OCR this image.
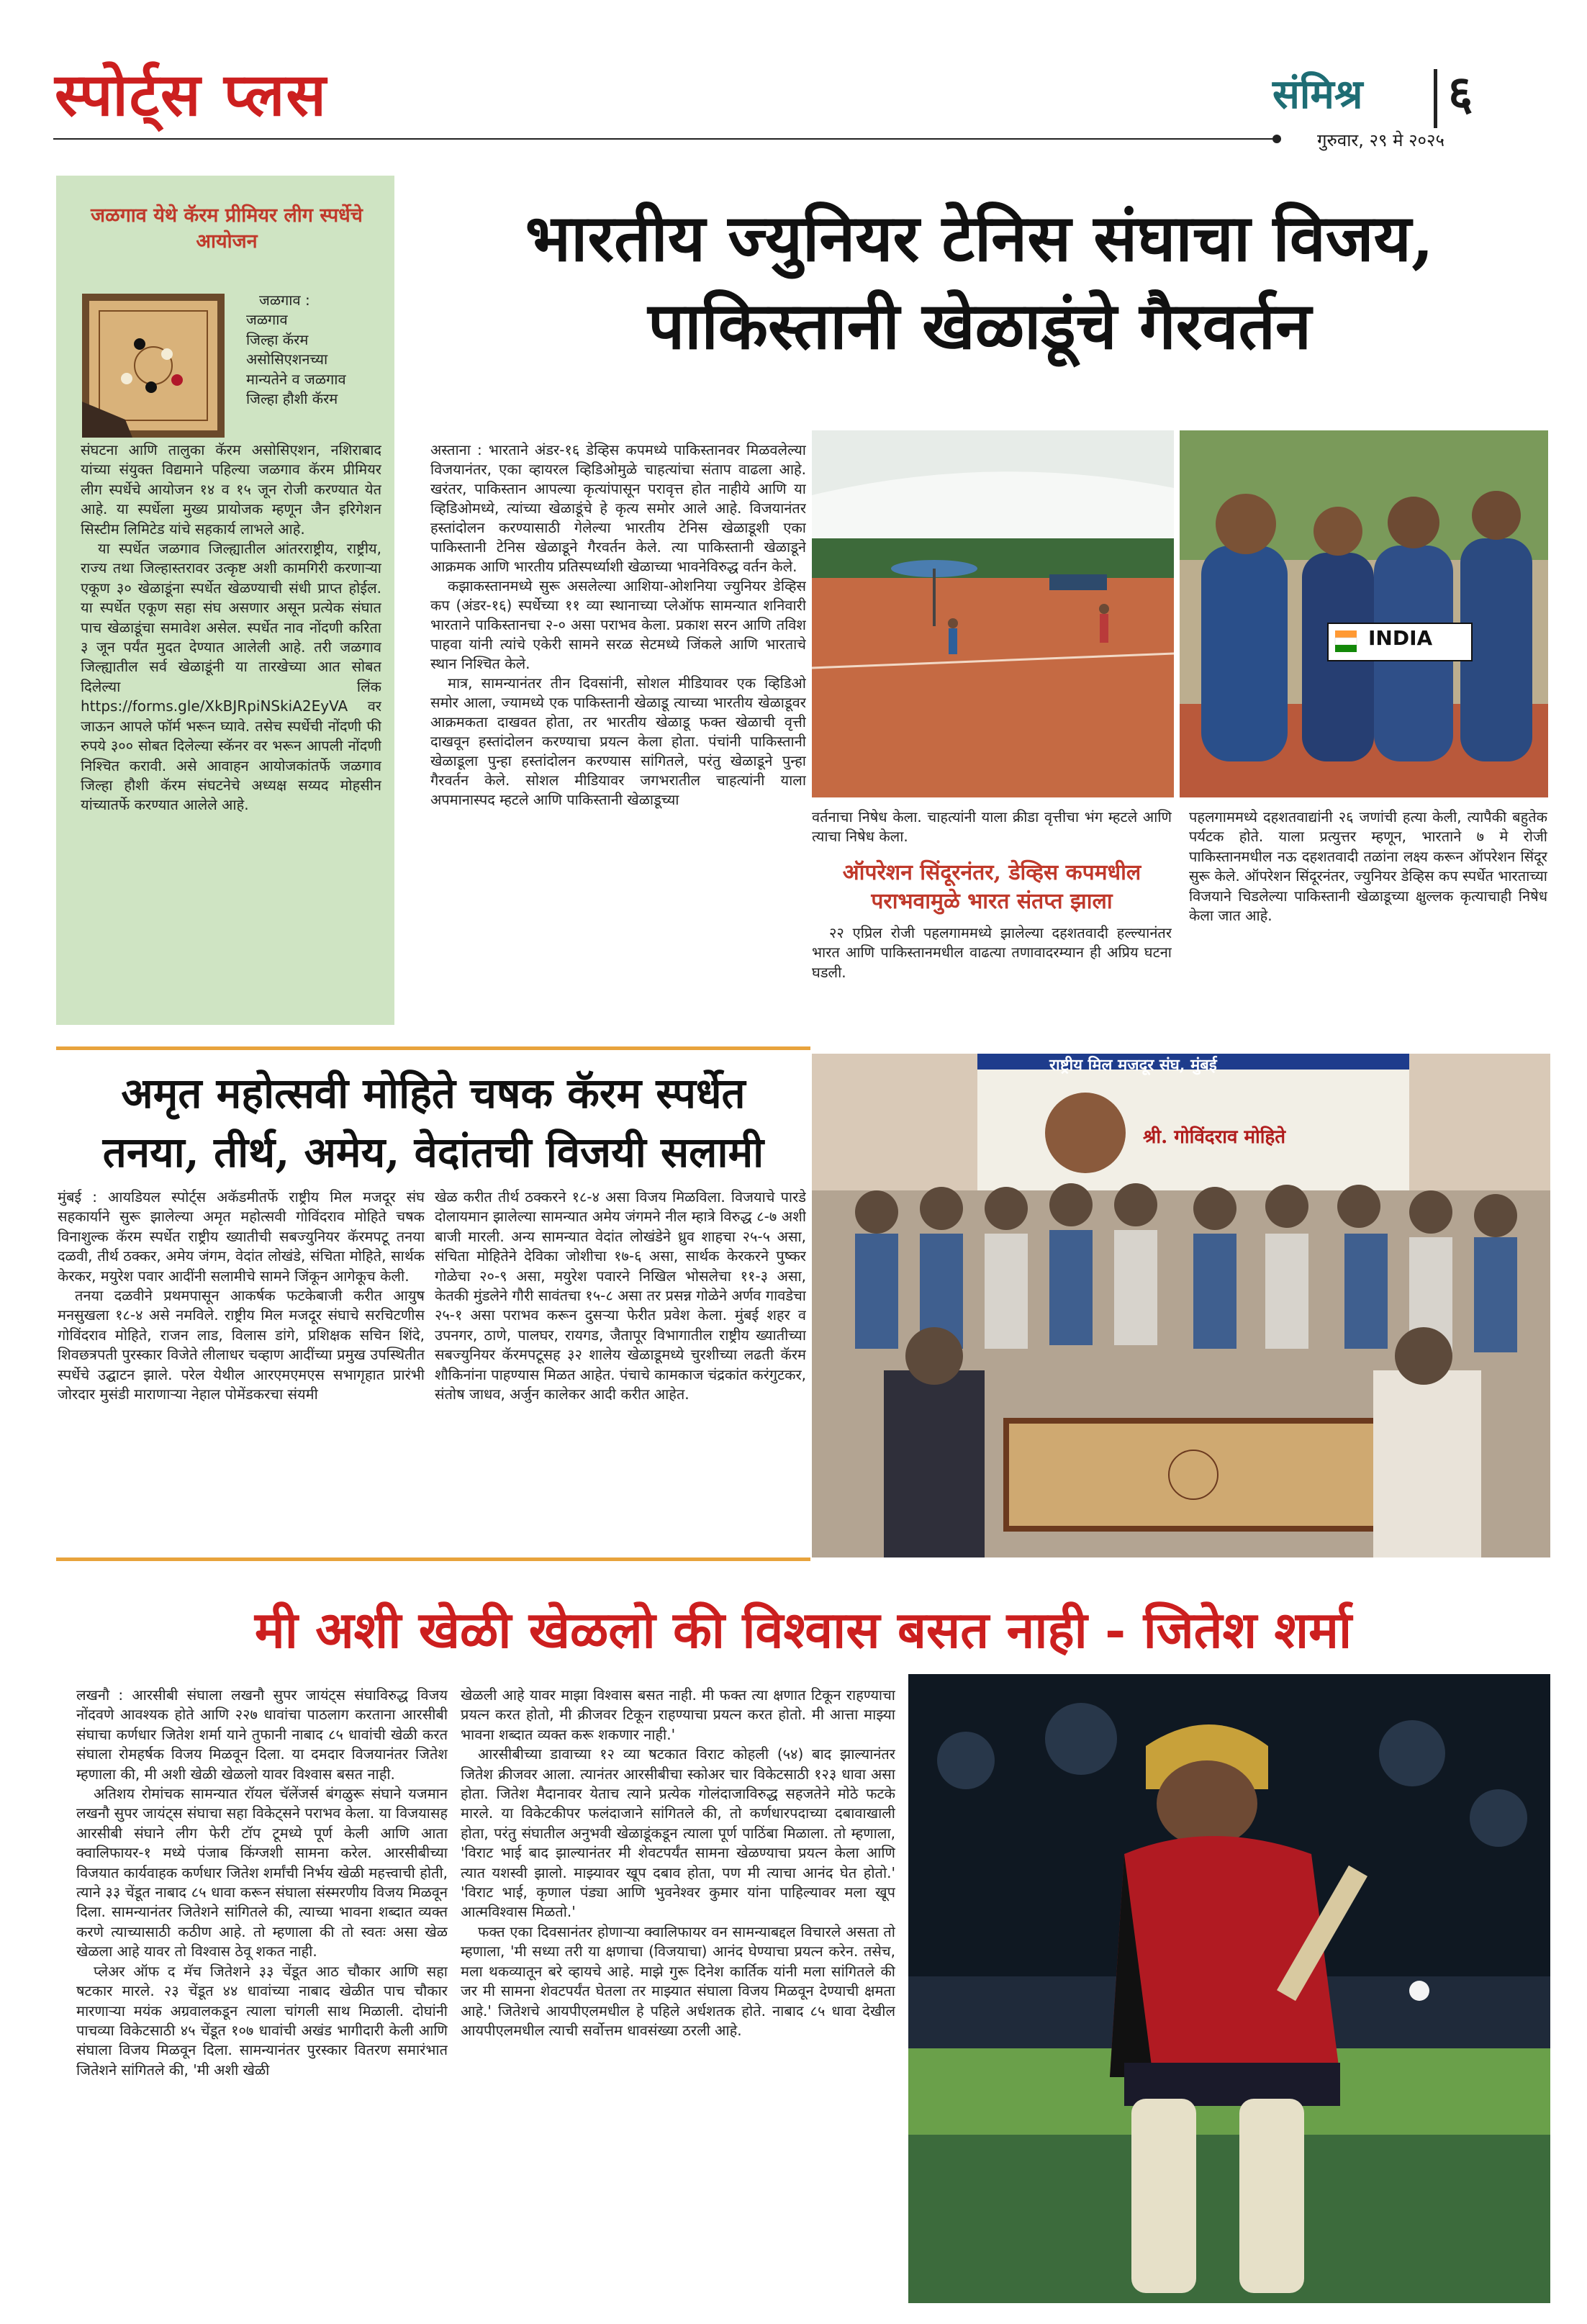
स्पोर्ट्स प्लस	संमिश्र ६
गुरुवार, २९ मे २०२५
जळगाव येथे कॅरम प्रीमियर लीग स्पर्धेचे आयोजन
जळगाव :
जळगाव
जिल्हा कॅरम
असोसिएशनच्या
मान्यतेने व जळगाव
जिल्हा हौशी कॅरम

संघटना आणि तालुका कॅरम असोसिएशन, नशिराबाद यांच्या संयुक्त विद्यमाने पहिल्या जळगाव कॅरम प्रीमियर लीग स्पर्धेचे आयोजन १४ व १५ जून रोजी करण्यात येत आहे. या स्पर्धेला मुख्य प्रायोजक म्हणून जैन इरिगेशन सिस्टीम लिमिटेड यांचे सहकार्य लाभले आहे.

या स्पर्धेत जळगाव जिल्ह्यातील आंतरराष्ट्रीय, राष्ट्रीय, राज्य तथा जिल्हास्तरावर उत्कृष्ट अशी कामगिरी करणाऱ्या एकूण ३० खेळाडूंना स्पर्धेत खेळण्याची संधी प्राप्त होईल. या स्पर्धेत एकूण सहा संघ असणार असून प्रत्येक संघात पाच खेळाडूंचा समावेश असेल. स्पर्धेत नाव नोंदणी करिता ३ जून पर्यंत मुदत देण्यात आलेली आहे. तरी जळगाव जिल्ह्यातील सर्व खेळाडूंनी या तारखेच्या आत सोबत दिलेल्या लिंक https://forms.gle/XkBJRpiNSkiA2EyVA वर जाऊन आपले फॉर्म भरून घ्यावे. तसेच स्पर्धेची नोंदणी फी रुपये ३०० सोबत दिलेल्या स्कॅनर वर भरून आपली नोंदणी निश्चित करावी. असे आवाहन आयोजकांतर्फे जळगाव जिल्हा हौशी कॅरम संघटनेचे अध्यक्ष सय्यद मोहसीन यांच्यातर्फे करण्यात आलेले आहे.

भारतीय ज्युनियर टेनिस संघाचा विजय,
पाकिस्तानी खेळाडूंचे गैरवर्तन

अस्ताना : भारताने अंडर-१६ डेव्हिस कपमध्ये पाकिस्तानवर मिळवलेल्या विजयानंतर, एका व्हायरल व्हिडिओमुळे चाहत्यांचा संताप वाढला आहे. खरंतर, पाकिस्तान आपल्या कृत्यांपासून परावृत्त होत नाहीये आणि या व्हिडिओमध्ये, त्यांच्या खेळाडूंचे हे कृत्य समोर आले आहे. विजयानंतर हस्तांदोलन करण्यासाठी गेलेल्या भारतीय टेनिस खेळाडूशी एका पाकिस्तानी टेनिस खेळाडूने गैरवर्तन केले. त्या पाकिस्तानी खेळाडूने आक्रमक आणि भारतीय प्रतिस्पर्ध्याशी खेळाच्या भावनेविरुद्ध वर्तन केले.

कझाकस्तानमध्ये सुरू असलेल्या आशिया-ओशनिया ज्युनियर डेव्हिस कप (अंडर-१६) स्पर्धेच्या ११ व्या स्थानाच्या प्लेऑफ सामन्यात शनिवारी भारताने पाकिस्तानचा २-० असा पराभव केला. प्रकाश सरन आणि तविश पाहवा यांनी त्यांचे एकेरी सामने सरळ सेटमध्ये जिंकले आणि भारताचे स्थान निश्चित केले.

मात्र, सामन्यानंतर तीन दिवसांनी, सोशल मीडियावर एक व्हिडिओ समोर आला, ज्यामध्ये एक पाकिस्तानी खेळाडू त्याच्या भारतीय खेळाडूवर आक्रमकता दाखवत होता, तर भारतीय खेळाडू फक्त खेळाची वृत्ती दाखवून हस्तांदोलन करण्याचा प्रयत्न केला होता. पंचांनी पाकिस्तानी खेळाडूला पुन्हा हस्तांदोलन करण्यास सांगितले, परंतु खेळाडूने पुन्हा गैरवर्तन केले. सोशल मीडियावर जगभरातील चाहत्यांनी याला अपमानास्पद म्हटले आणि पाकिस्तानी खेळाडूच्या

INDIA

वर्तनाचा निषेध केला. चाहत्यांनी याला क्रीडा वृत्तीचा भंग म्हटले आणि त्याचा निषेध केला.

ऑपरेशन सिंदूरनंतर, डेव्हिस कपमधील पराभवामुळे भारत संतप्त झाला

२२ एप्रिल रोजी पहलगाममध्ये झालेल्या दहशतवादी हल्ल्यानंतर भारत आणि पाकिस्तानमधील वाढत्या तणावादरम्यान ही अप्रिय घटना घडली.

पहलगाममध्ये दहशतवाद्यांनी २६ जणांची हत्या केली, त्यापैकी बहुतेक पर्यटक होते. याला प्रत्युत्तर म्हणून, भारताने ७ मे रोजी पाकिस्तानमधील नऊ दहशतवादी तळांना लक्ष्य करून ऑपरेशन सिंदूर सुरू केले. ऑपरेशन सिंदूरनंतर, ज्युनियर डेव्हिस कप स्पर्धेत भारताच्या विजयाने चिडलेल्या पाकिस्तानी खेळाडूच्या क्षुल्लक कृत्याचाही निषेध केला जात आहे.

अमृत महोत्सवी मोहिते चषक कॅरम स्पर्धेत
तनया, तीर्थ, अमेय, वेदांतची विजयी सलामी

मुंबई : आयडियल स्पोर्ट्स अकॅडमीतर्फे राष्ट्रीय मिल मजदूर संघ सहकार्याने सुरू झालेल्या अमृत महोत्सवी गोविंदराव मोहिते चषक विनाशुल्क कॅरम स्पर्धेत राष्ट्रीय ख्यातीची सबज्युनियर कॅरमपटू तनया दळवी, तीर्थ ठक्कर, अमेय जंगम, वेदांत लोखंडे, संचिता मोहिते, सार्थक केरकर, मयुरेश पवार आदींनी सलामीचे सामने जिंकून आगेकूच केली.

तनया दळवीने प्रथमपासून आकर्षक फटकेबाजी करीत आयुष मनसुखला १८-४ असे नमविले. राष्ट्रीय मिल मजदूर संघाचे सरचिटणीस गोविंदराव मोहिते, राजन लाड, विलास डांगे, प्रशिक्षक सचिन शिंदे, शिवछत्रपती पुरस्कार विजेते लीलाधर चव्हाण आदींच्या प्रमुख उपस्थितीत स्पर्धेचे उद्घाटन झाले. परेल येथील आरएमएमएस सभागृहात प्रारंभी जोरदार मुसंडी माराणाऱ्या नेहाल पोमेंडकरचा संयमी

खेळ करीत तीर्थ ठक्करने १८-४ असा विजय मिळविला. विजयाचे पारडे दोलायमान झालेल्या सामन्यात अमेय जंगमने नील म्हात्रे विरुद्ध ८-७ अशी बाजी मारली. अन्य सामन्यात वेदांत लोखंडेने ध्रुव शाहचा २५-५ असा, संचिता मोहितेने देविका जोशीचा १७-६ असा, सार्थक केरकरने पुष्कर गोळेचा २०-९ असा, मयुरेश पवारने निखिल भोसलेचा ११-३ असा, केतकी मुंडलेने गौरी सावंतचा १५-८ असा तर प्रसन्न गोळेने अर्णव गावडेचा २५-१ असा पराभव करून दुसऱ्या फेरीत प्रवेश केला. मुंबई शहर व उपनगर, ठाणे, पालघर, रायगड, जैतापूर विभागातील राष्ट्रीय ख्यातीच्या सबज्युनियर कॅरमपटूसह ३२ शालेय खेळाडूमध्ये चुरशीच्या लढती कॅरम शौकिनांना पाहण्यास मिळत आहेत. पंचाचे कामकाज चंद्रकांत करंगुटकर, संतोष जाधव, अर्जुन कालेकर आदी करीत आहेत.

राष्ट्रीय मिल मजदूर संघ, मुंबई
श्री. गोविंदराव मोहिते
मी अशी खेळी खेळलो की विश्वास बसत नाही - जितेश शर्मा

लखनौ : आरसीबी संघाला लखनौ सुपर जायंट्स संघाविरुद्ध विजय नोंदवणे आवश्यक होते आणि २२७ धावांचा पाठलाग करताना आरसीबी संघाचा कर्णधार जितेश शर्मा याने तुफानी नाबाद ८५ धावांची खेळी करत संघाला रोमहर्षक विजय मिळवून दिला. या दमदार विजयानंतर जितेश म्हणाला की, मी अशी खेळी खेळलो यावर विश्वास बसत नाही.

अतिशय रोमांचक सामन्यात रॉयल चॅलेंजर्स बंगळुरू संघाने यजमान लखनौ सुपर जायंट्स संघाचा सहा विकेट्सने पराभव केला. या विजयासह आरसीबी संघाने लीग फेरी टॉप टूमध्ये पूर्ण केली आणि आता क्वालिफायर-१ मध्ये पंजाब किंग्जशी सामना करेल. आरसीबीच्या विजयात कार्यवाहक कर्णधार जितेश शर्मांची निर्भय खेळी महत्त्वाची होती, त्याने ३३ चेंडूत नाबाद ८५ धावा करून संघाला संस्मरणीय विजय मिळवून दिला. सामन्यानंतर जितेशने सांगितले की, त्याच्या भावना शब्दात व्यक्त करणे त्याच्यासाठी कठीण आहे. तो म्हणाला की तो स्वतः असा खेळ खेळला आहे यावर तो विश्वास ठेवू शकत नाही.

प्लेअर ऑफ द मॅच जितेशने ३३ चेंडूत आठ चौकार आणि सहा षटकार मारले. २३ चेंडूत ४४ धावांच्या नाबाद खेळीत पाच चौकार मारणाऱ्या मयंक अग्रवालकडून त्याला चांगली साथ मिळाली. दोघांनी पाचव्या विकेटसाठी ४५ चेंडूत १०७ धावांची अखंड भागीदारी केली आणि संघाला विजय मिळवून दिला. सामन्यानंतर पुरस्कार वितरण समारंभात जितेशने सांगितले की, 'मी अशी खेळी

खेळली आहे यावर माझा विश्वास बसत नाही. मी फक्त त्या क्षणात टिकून राहण्याचा प्रयत्न करत होतो, मी क्रीजवर टिकून राहण्याचा प्रयत्न करत होतो. मी आत्ता माझ्या भावना शब्दात व्यक्त करू शकणार नाही.'

आरसीबीच्या डावाच्या १२ व्या षटकात विराट कोहली (५४) बाद झाल्यानंतर जितेश क्रीजवर आला. त्यानंतर आरसीबीचा स्कोअर चार विकेटसाठी १२३ धावा असा होता. जितेश मैदानावर येताच त्याने प्रत्येक गोलंदाजाविरुद्ध सहजतेने मोठे फटके मारले. या विकेटकीपर फलंदाजाने सांगितले की, तो कर्णधारपदाच्या दबावाखाली होता, परंतु संघातील अनुभवी खेळाडूंकडून त्याला पूर्ण पाठिंबा मिळाला. तो म्हणाला, 'विराट भाई बाद झाल्यानंतर मी शेवटपर्यंत सामना खेळण्याचा प्रयत्न केला आणि त्यात यशस्वी झालो. माझ्यावर खूप दबाव होता, पण मी त्याचा आनंद घेत होतो.' 'विराट भाई, कृणाल पंड्या आणि भुवनेश्वर कुमार यांना पाहिल्यावर मला खूप आत्मविश्वास मिळतो.'

फक्त एका दिवसानंतर होणाऱ्या क्वालिफायर वन सामन्याबद्दल विचारले असता तो म्हणाला, 'मी सध्या तरी या क्षणाचा (विजयाचा) आनंद घेण्याचा प्रयत्न करेन. तसेच, मला थकव्यातून बरे व्हायचे आहे. माझे गुरू दिनेश कार्तिक यांनी मला सांगितले की जर मी सामना शेवटपर्यंत घेतला तर माझ्यात संघाला विजय मिळवून देण्याची क्षमता आहे.' जितेशचे आयपीएलमधील हे पहिले अर्धशतक होते. नाबाद ८५ धावा देखील आयपीएलमधील त्याची सर्वोत्तम धावसंख्या ठरली आहे.
